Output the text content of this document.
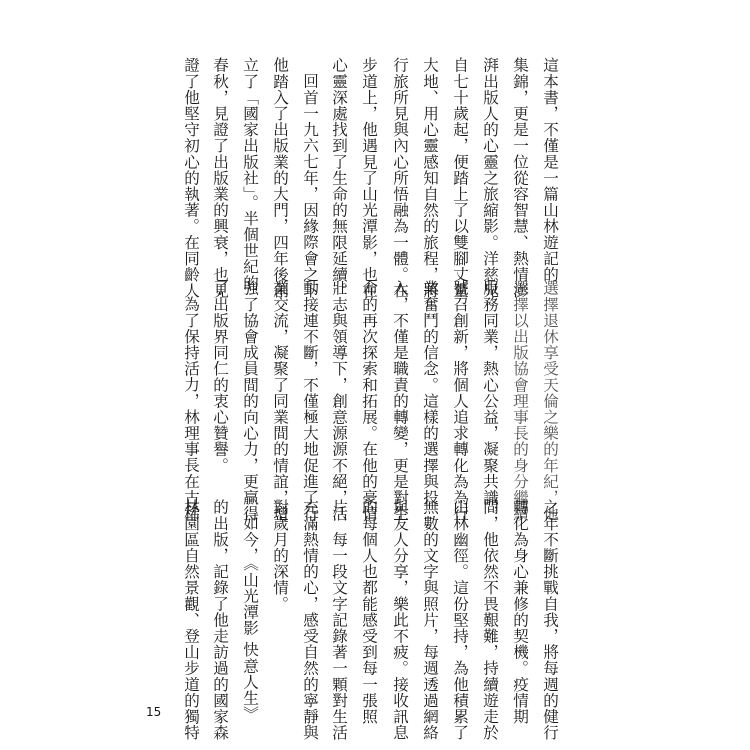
這本書，不僅是一篇山林遊記的
集錦，更是一位從容智慧、熱情澎
湃出版人的心靈之旅縮影。洋慈兄
自七十歲起，便踏上了以雙腳丈量
大地、用心靈感知自然的旅程，將
行旅所見與內心所悟融為一體。在
步道上，他遇見了山光潭影，也在
心靈深處找到了生命的無限延續。
回首一九六七年，因緣際會之下
他踏入了出版業的大門，四年後創
立了「國家出版社」。半個世紀的
春秋，見證了出版業的興衰，也見
證了他堅守初心的執著。在同齡人
選擇退休享受天倫之樂的年紀，他
選擇以出版協會理事長的身分繼續
服務同業，熱心公益，凝聚共識，
號召創新，將個人追求轉化為為行
業奮鬥的信念。這樣的選擇與投
入，不僅是職責的轉變，更是對生
命的再次探索和拓展。在他的豪情
壯志與領導下，創意源源不絕，活
動接連不斷，不僅極大地促進了行
業交流，凝聚了同業間的情誼，增
強了協會成員間的向心力，更贏得
了出版界同仁的衷心贊譽。
為了保持活力，林理事長在古稀
之年不斷挑戰自我，將每週的健行
轉化為身心兼修的契機。疫情期
間，他依然不畏艱難，持續遊走於
山林幽徑。這份堅持，為他積累了
無數的文字與照片，每週透過網絡
與友人分享，樂此不疲。接收訊息
的每個人也都能感受到每一張照
片、每一段文字記錄著一顆對生活
充滿熱情的心，感受自然的寧靜與
對歲月的深情。
如今，《山光潭影 快意人生》
的出版，記錄了他走訪過的國家森
林園區自然景觀、登山步道的獨特
15
